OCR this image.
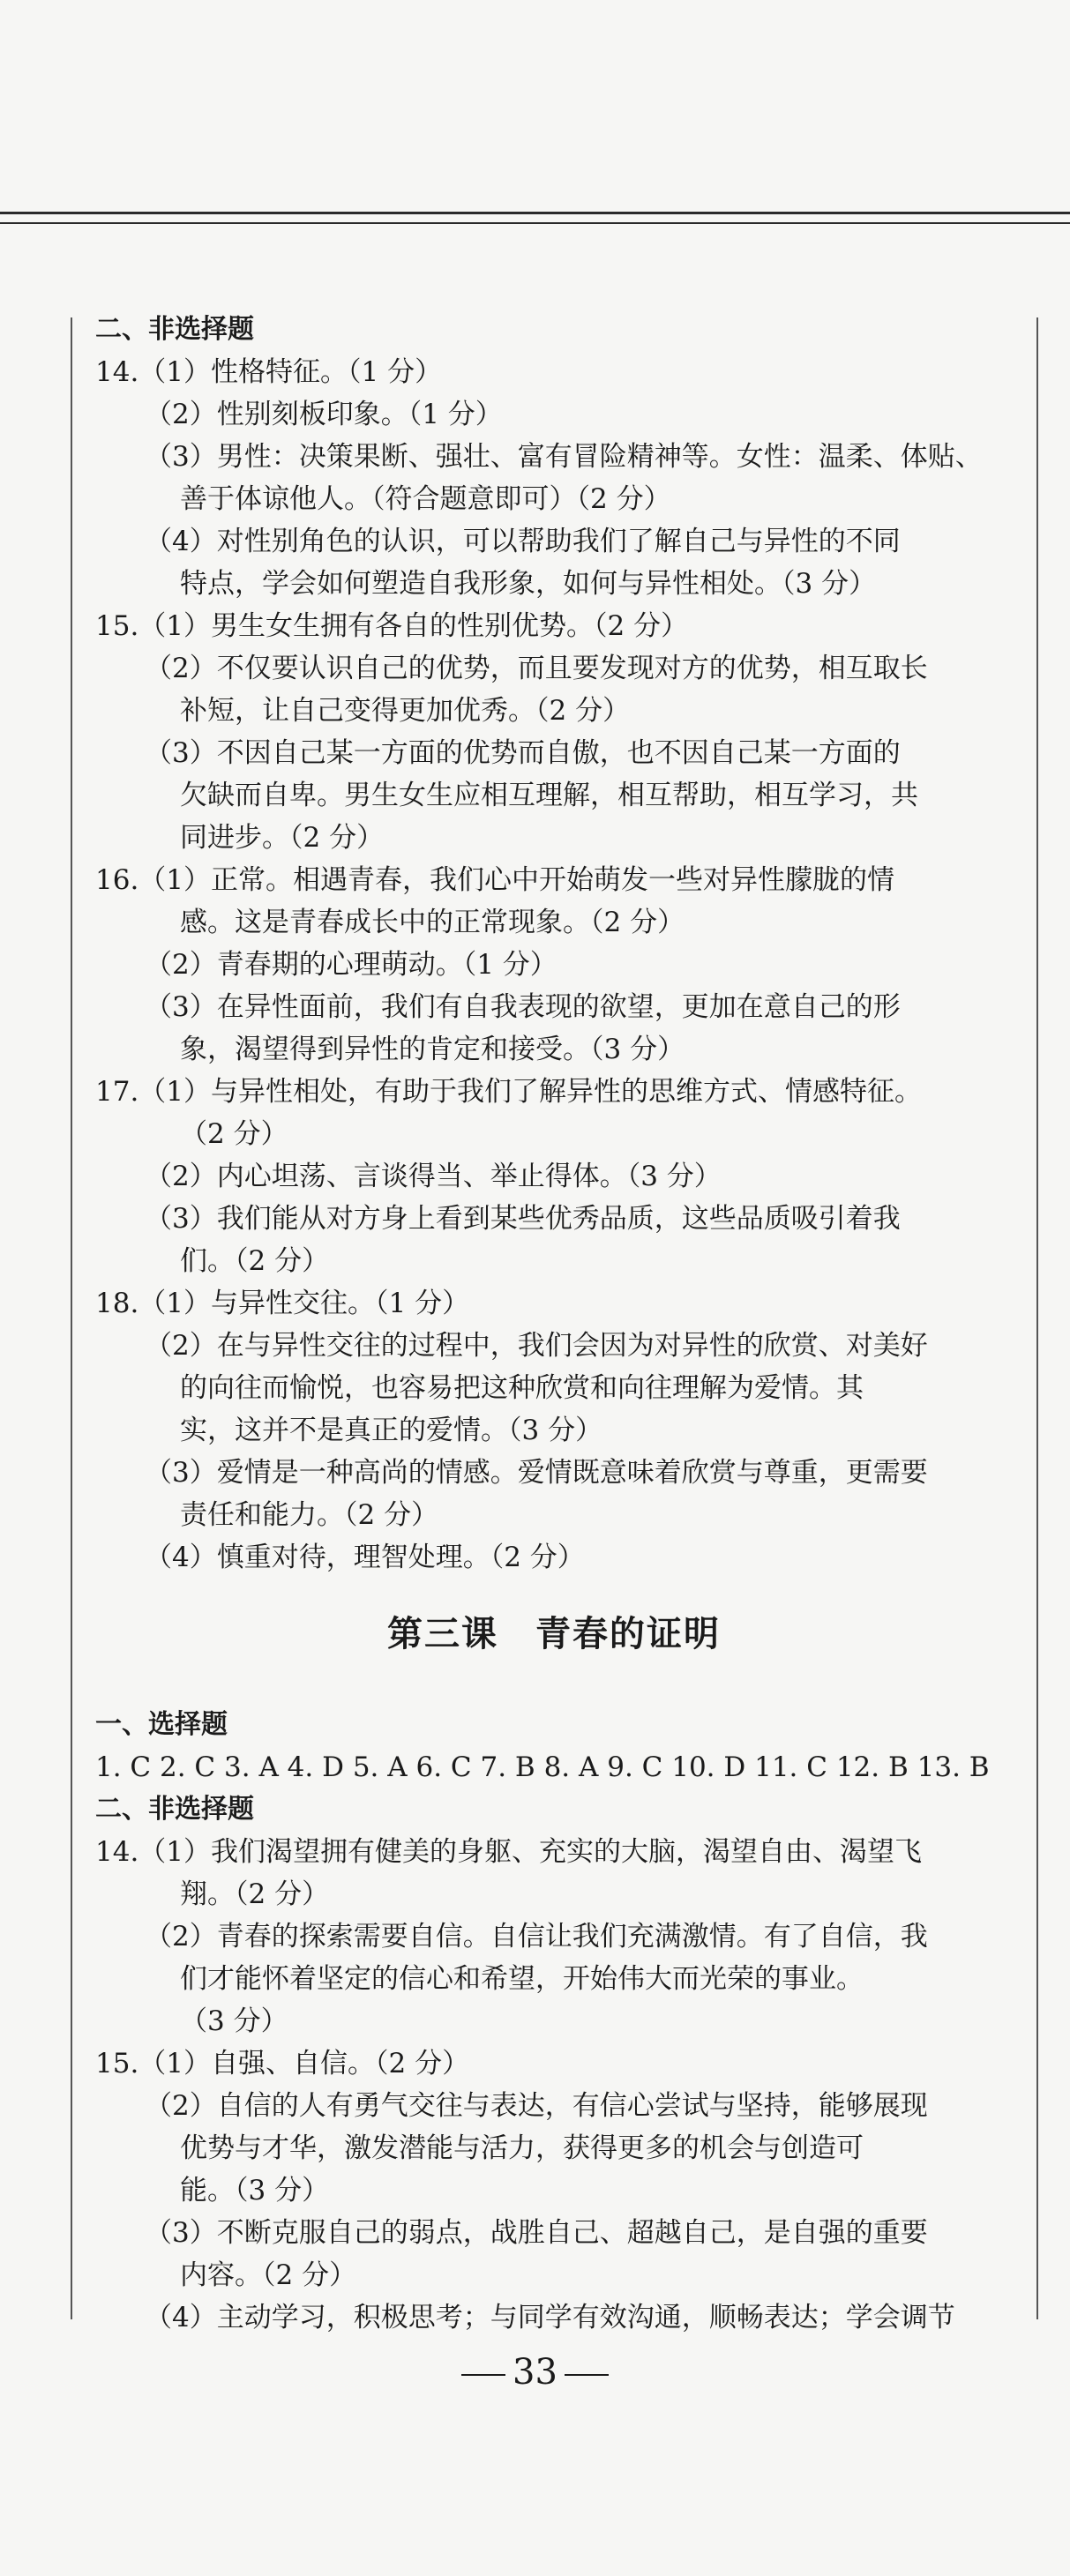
二、非选择题
14.（1）性格特征。（1 分）
（2）性别刻板印象。（1 分）
（3）男性：决策果断、强壮、富有冒险精神等。女性：温柔、体贴、
善于体谅他人。（符合题意即可）（2 分）
（4）对性别角色的认识，可以帮助我们了解自己与异性的不同
特点，学会如何塑造自我形象，如何与异性相处。（3 分）
15.（1）男生女生拥有各自的性别优势。（2 分）
（2）不仅要认识自己的优势，而且要发现对方的优势，相互取长
补短，让自己变得更加优秀。（2 分）
（3）不因自己某一方面的优势而自傲，也不因自己某一方面的
欠缺而自卑。男生女生应相互理解，相互帮助，相互学习，共
同进步。（2 分）
16.（1）正常。相遇青春，我们心中开始萌发一些对异性朦胧的情
感。这是青春成长中的正常现象。（2 分）
（2）青春期的心理萌动。（1 分）
（3）在异性面前，我们有自我表现的欲望，更加在意自己的形
象，渴望得到异性的肯定和接受。（3 分）
17.（1）与异性相处，有助于我们了解异性的思维方式、情感特征。
（2 分）
（2）内心坦荡、言谈得当、举止得体。（3 分）
（3）我们能从对方身上看到某些优秀品质，这些品质吸引着我
们。（2 分）
18.（1）与异性交往。（1 分）
（2）在与异性交往的过程中，我们会因为对异性的欣赏、对美好
的向往而愉悦，也容易把这种欣赏和向往理解为爱情。其
实，这并不是真正的爱情。（3 分）
（3）爱情是一种高尚的情感。爱情既意味着欣赏与尊重，更需要
责任和能力。（2 分）
（4）慎重对待，理智处理。（2 分）
第三课　青春的证明
一、选择题
1. C 2. C 3. A 4. D 5. A 6. C 7. B 8. A 9. C 10. D 11. C 12. B 13. B
二、非选择题
14.（1）我们渴望拥有健美的身躯、充实的大脑，渴望自由、渴望飞
翔。（2 分）
（2）青春的探索需要自信。自信让我们充满激情。有了自信，我
们才能怀着坚定的信心和希望，开始伟大而光荣的事业。
（3 分）
15.（1）自强、自信。（2 分）
（2）自信的人有勇气交往与表达，有信心尝试与坚持，能够展现
优势与才华，激发潜能与活力，获得更多的机会与创造可
能。（3 分）
（3）不断克服自己的弱点，战胜自己、超越自己，是自强的重要
内容。（2 分）
（4）主动学习，积极思考；与同学有效沟通，顺畅表达；学会调节
33
